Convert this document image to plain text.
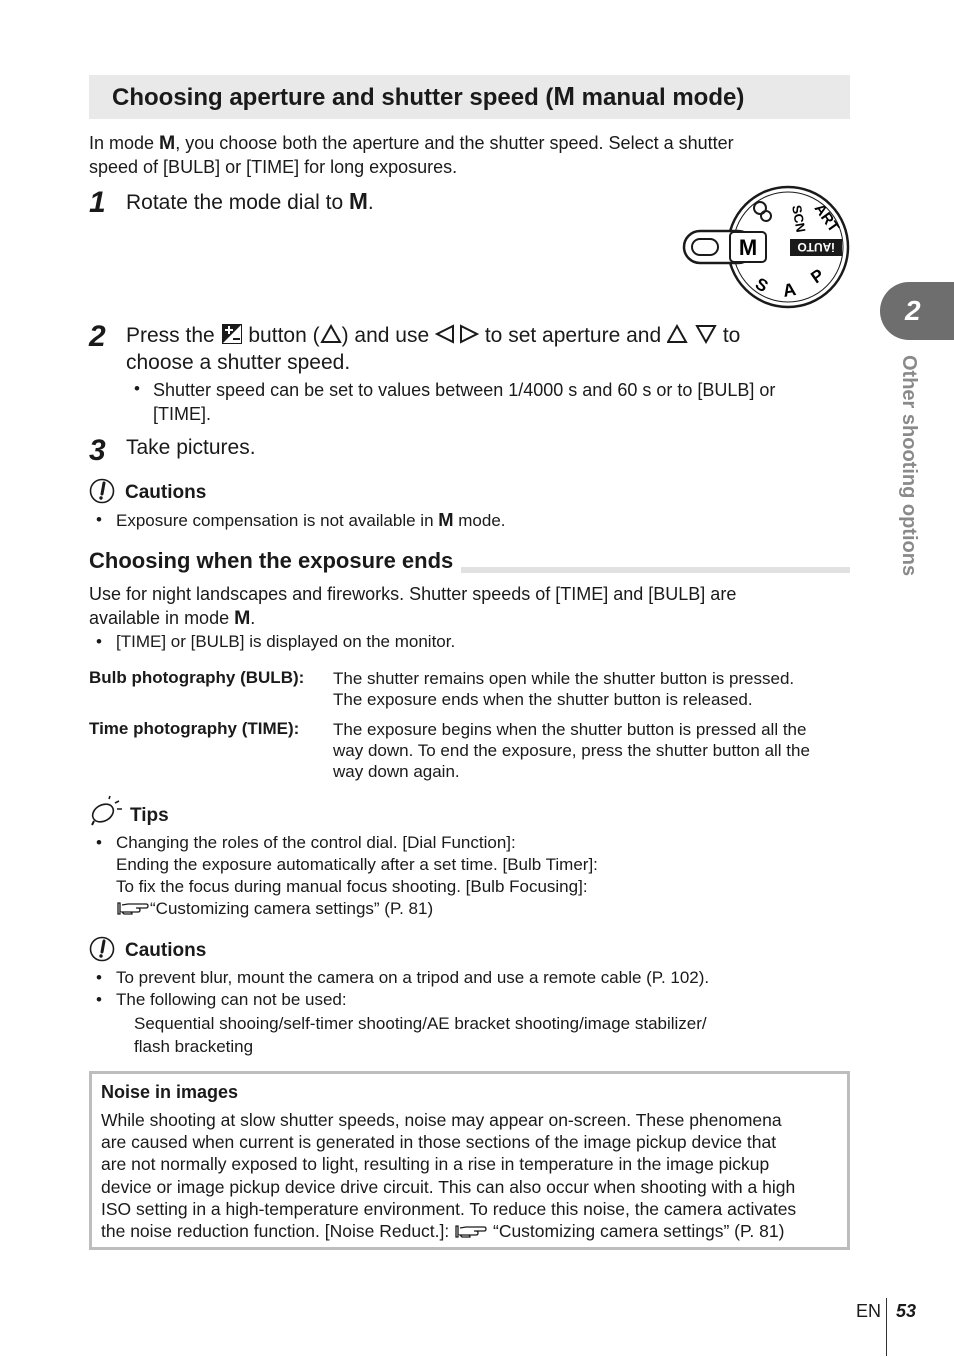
Choosing aperture and shutter speed (M manual mode)
In mode M, you choose both the aperture and the shutter speed. Select a shutter
speed of [BULB] or [TIME] for long exposures.
1 Rotate the mode dial to M.
M
SCN ART
iAUTO
P
A
S
2 Press the  button ( ) and use  to set aperture and  to
choose a shutter speed.
• Shutter speed can be set to values between 1/4000 s and 60 s or to [BULB] or
[TIME].
3 Take pictures.
Cautions
• Exposure compensation is not available in M mode.
Choosing when the exposure ends
Use for night landscapes and fireworks. Shutter speeds of [TIME] and [BULB] are
available in mode M.
• [TIME] or [BULB] is displayed on the monitor.
Bulb photography (BULB): The shutter remains open while the shutter button is pressed.
The exposure ends when the shutter button is released.
Time photography (TIME): The exposure begins when the shutter button is pressed all the
way down. To end the exposure, press the shutter button all the
way down again.
Tips
• Changing the roles of the control dial. [Dial Function]:
Ending the exposure automatically after a set time. [Bulb Timer]:
To fix the focus during manual focus shooting. [Bulb Focusing]:
“Customizing camera settings” (P. 81)
Cautions
• To prevent blur, mount the camera on a tripod and use a remote cable (P. 102).
• The following can not be used:
Sequential shooing/self-timer shooting/AE bracket shooting/image stabilizer/
flash bracketing
Noise in images

While shooting at slow shutter speeds, noise may appear on-screen. These phenomena
are caused when current is generated in those sections of the image pickup device that
are not normally exposed to light, resulting in a rise in temperature in the image pickup
device or image pickup device drive circuit. This can also occur when shooting with a high
ISO setting in a high-temperature environment. To reduce this noise, the camera activates
the noise reduction function. [Noise Reduct.]:  “Customizing camera settings” (P. 81)

2
Other shooting options
EN 53
